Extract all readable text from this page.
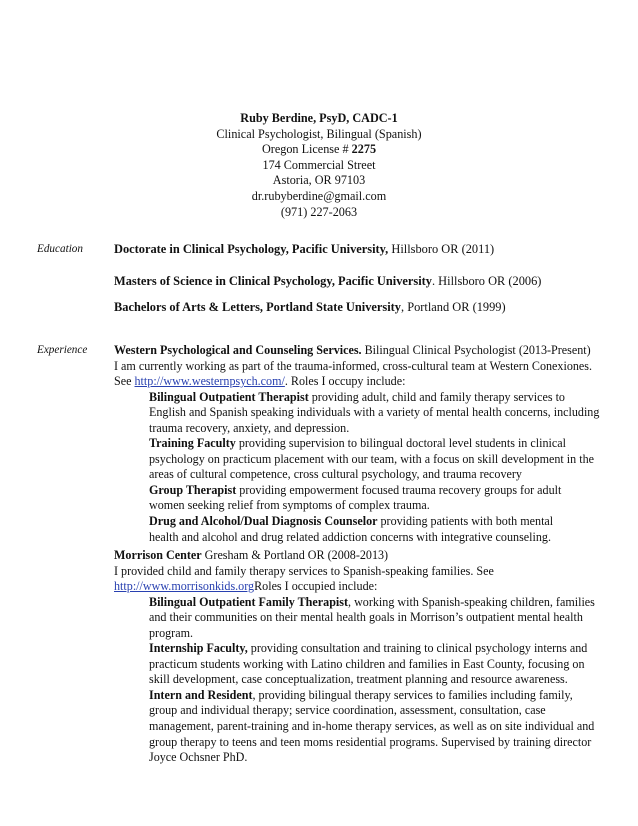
Ruby Berdine, PsyD, CADC-1
Clinical Psychologist, Bilingual (Spanish)
Oregon License # 2275
174 Commercial Street
Astoria, OR 97103
dr.rubyberdine@gmail.com
(971) 227-2063
Education	Doctorate in Clinical Psychology, Pacific University, Hillsboro OR (2011)
Masters of Science in Clinical Psychology, Pacific University. Hillsboro OR (2006)
Bachelors of Arts & Letters, Portland State University, Portland OR (1999)
Experience Western Psychological and Counseling Services. Bilingual Clinical Psychologist (2013-Present)
I am currently working as part of the trauma-informed, cross-cultural team at Western Conexiones.
See http://www.westernpsych.com/. Roles I occupy include:
Bilingual Outpatient Therapist providing adult, child and family therapy services to
English and Spanish speaking individuals with a variety of mental health concerns, including
trauma recovery, anxiety, and depression.
Training Faculty providing supervision to bilingual doctoral level students in clinical
psychology on practicum placement with our team, with a focus on skill development in the
areas of cultural competence, cross cultural psychology, and trauma recovery
Group Therapist providing empowerment focused trauma recovery groups for adult
women seeking relief from symptoms of complex trauma.
Drug and Alcohol/Dual Diagnosis Counselor providing patients with both mental
health and alcohol and drug related addiction concerns with integrative counseling.
Morrison Center Gresham & Portland OR (2008-2013)
I provided child and family therapy services to Spanish-speaking families. See
http://www.morrisonkids.orgRoles I occupied include:
Bilingual Outpatient Family Therapist, working with Spanish-speaking children, families
and their communities on their mental health goals in Morrison’s outpatient mental health
program.
Internship Faculty, providing consultation and training to clinical psychology interns and
practicum students working with Latino children and families in East County, focusing on
skill development, case conceptualization, treatment planning and resource awareness.
Intern and Resident, providing bilingual therapy services to families including family,
group and individual therapy; service coordination, assessment, consultation, case
management, parent-training and in-home therapy services, as well as on site individual and
group therapy to teens and teen moms residential programs. Supervised by training director
Joyce Ochsner PhD.
